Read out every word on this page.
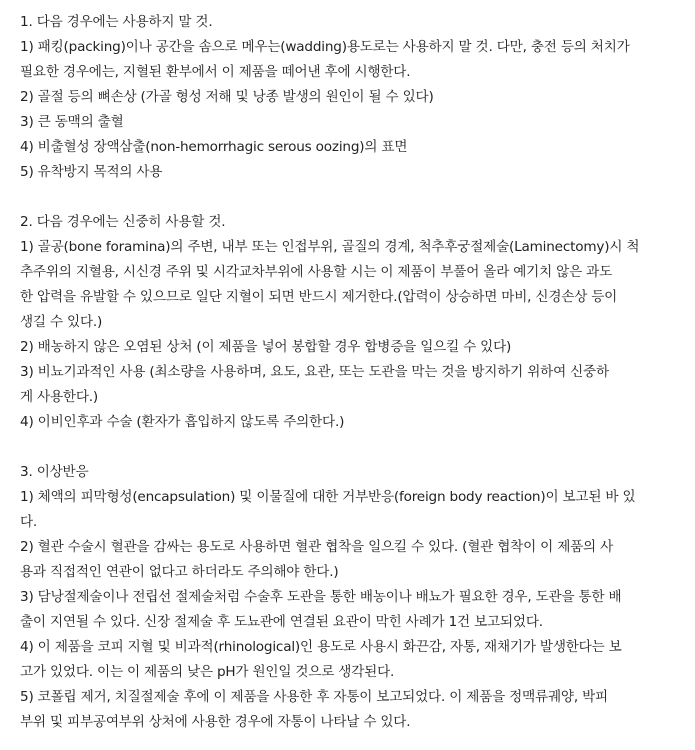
1. 다음 경우에는 사용하지 말 것.
1) 패킹(packing)이나 공간을 솜으로 메우는(wadding)용도로는 사용하지 말 것. 다만, 충전 등의 처치가
필요한 경우에는, 지혈된 환부에서 이 제품을 떼어낸 후에 시행한다.
2) 골절 등의 뼈손상 (가골 형성 저해 및 낭종 발생의 원인이 될 수 있다)
3) 큰 동맥의 출혈
4) 비출혈성 장액삼출(non-hemorrhagic serous oozing)의 표면
5) 유착방지 목적의 사용
2. 다음 경우에는 신중히 사용할 것.
1) 골공(bone foramina)의 주변, 내부 또는 인접부위, 골질의 경계, 척추후궁절제술(Laminectomy)시 척
추주위의 지혈용, 시신경 주위 및 시각교차부위에 사용할 시는 이 제품이 부풀어 올라 예기치 않은 과도
한 압력을 유발할 수 있으므로 일단 지혈이 되면 반드시 제거한다.(압력이 상승하면 마비, 신경손상 등이
생길 수 있다.)
2) 배농하지 않은 오염된 상처 (이 제품을 넣어 봉합할 경우 합병증을 일으킬 수 있다)
3) 비뇨기과적인 사용 (최소량을 사용하며, 요도, 요관, 또는 도관을 막는 것을 방지하기 위하여 신중하
게 사용한다.)
4) 이비인후과 수술 (환자가 흡입하지 않도록 주의한다.)
3. 이상반응
1) 체액의 피막형성(encapsulation) 및 이물질에 대한 거부반응(foreign body reaction)이 보고된 바 있
다.
2) 혈관 수술시 혈관을 감싸는 용도로 사용하면 혈관 협착을 일으킬 수 있다. (혈관 협착이 이 제품의 사
용과 직접적인 연관이 없다고 하더라도 주의해야 한다.)
3) 담낭절제술이나 전립선 절제술처럼 수술후 도관을 통한 배농이나 배뇨가 필요한 경우, 도관을 통한 배
출이 지연될 수 있다. 신장 절제술 후 도뇨관에 연결된 요관이 막힌 사례가 1건 보고되었다.
4) 이 제품을 코피 지혈 및 비과적(rhinological)인 용도로 사용시 화끈감, 자통, 재채기가 발생한다는 보
고가 있었다. 이는 이 제품의 낮은 pH가 원인일 것으로 생각된다.
5) 코폴립 제거, 치질절제술 후에 이 제품을 사용한 후 자통이 보고되었다. 이 제품을 정맥류궤양, 박피
부위 및 피부공여부위 상처에 사용한 경우에 자통이 나타날 수 있다.
